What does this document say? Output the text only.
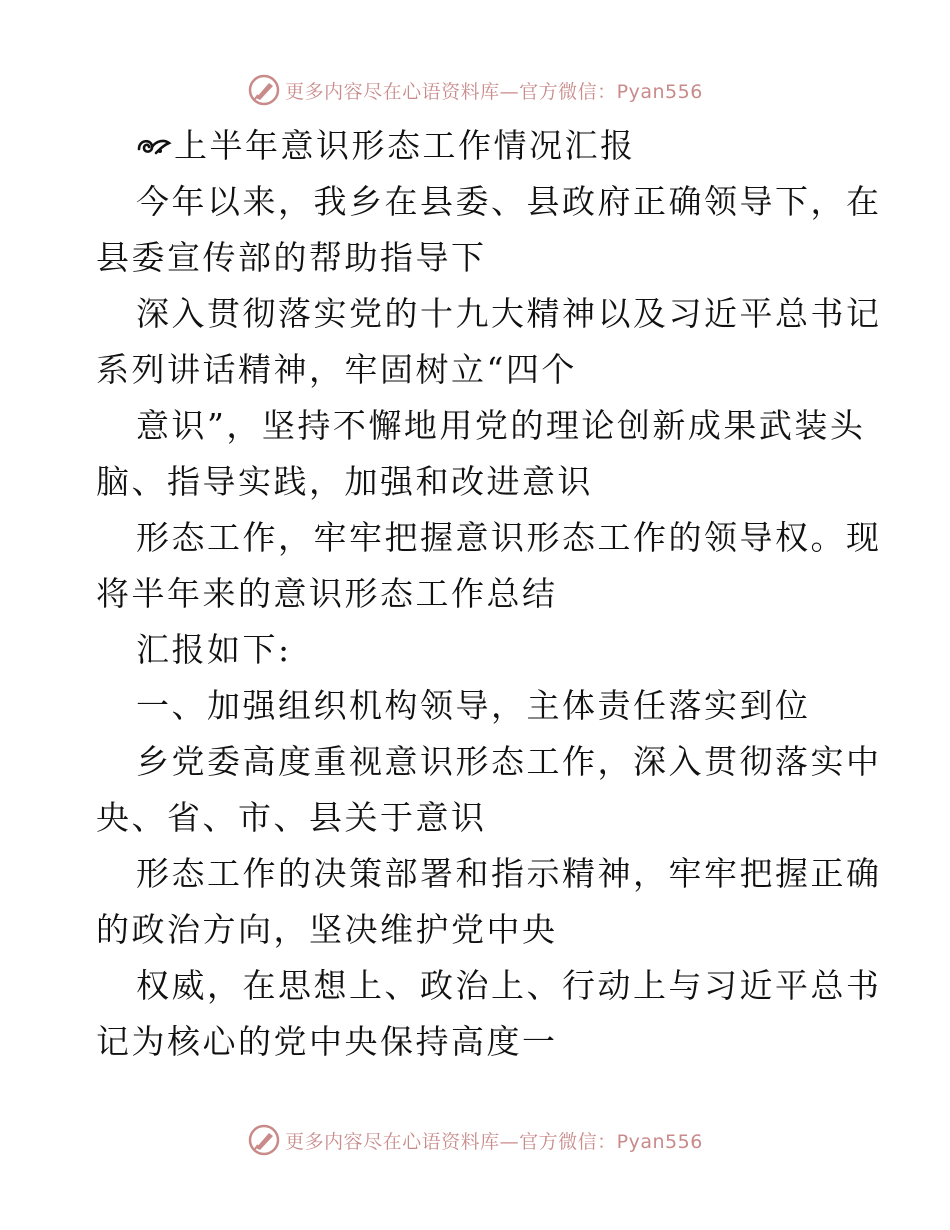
更多内容尽在心语资料库—官方微信：Pyan556
上半年意识形态工作情况汇报
今年以来，我乡在县委、县政府正确领导下，在
县委宣传部的帮助指导下
深入贯彻落实党的十九大精神以及习近平总书记
系列讲话精神，牢固树立“四个
意识”，坚持不懈地用党的理论创新成果武装头
脑、指导实践，加强和改进意识
形态工作，牢牢把握意识形态工作的领导权。现
将半年来的意识形态工作总结
汇报如下:
一、加强组织机构领导，主体责任落实到位
乡党委高度重视意识形态工作，深入贯彻落实中
央、省、市、县关于意识
形态工作的决策部署和指示精神，牢牢把握正确
的政治方向，坚决维护党中央
权威，在思想上、政治上、行动上与习近平总书
记为核心的党中央保持高度一
更多内容尽在心语资料库—官方微信：Pyan556
